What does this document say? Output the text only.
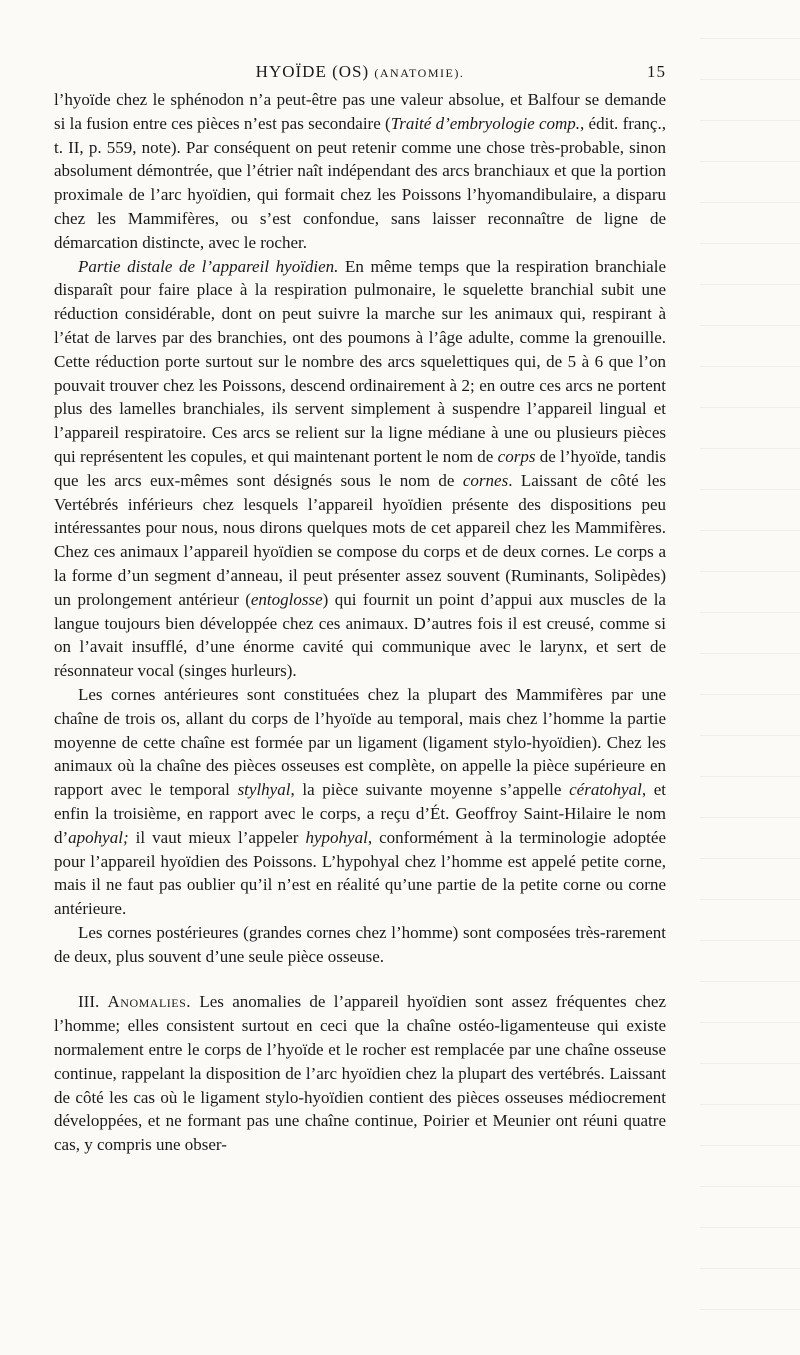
HYOÏDE (OS) (ANATOMIE).	15

l’hyoïde chez le sphénodon n’a peut-être pas une valeur absolue, et Balfour se demande si la fusion entre ces pièces n’est pas secondaire (Traité d’embryologie comp., édit. franç., t. II, p. 559, note). Par conséquent on peut retenir comme une chose très-probable, sinon absolument démontrée, que l’étrier naît indépendant des arcs branchiaux et que la portion proximale de l’arc hyoïdien, qui formait chez les Poissons l’hyomandibulaire, a disparu chez les Mammifères, ou s’est confondue, sans laisser reconnaître de ligne de démarcation distincte, avec le rocher.

Partie distale de l’appareil hyoïdien. En même temps que la respiration branchiale disparaît pour faire place à la respiration pulmonaire, le squelette branchial subit une réduction considérable, dont on peut suivre la marche sur les animaux qui, respirant à l’état de larves par des branchies, ont des poumons à l’âge adulte, comme la grenouille. Cette réduction porte surtout sur le nombre des arcs squelettiques qui, de 5 à 6 que l’on pouvait trouver chez les Poissons, descend ordinairement à 2; en outre ces arcs ne portent plus des lamelles branchiales, ils servent simplement à suspendre l’appareil lingual et l’appareil respiratoire. Ces arcs se relient sur la ligne médiane à une ou plusieurs pièces qui représentent les copules, et qui maintenant portent le nom de corps de l’hyoïde, tandis que les arcs eux-mêmes sont désignés sous le nom de cornes. Laissant de côté les Vertébrés inférieurs chez lesquels l’appareil hyoïdien présente des dispositions peu intéressantes pour nous, nous dirons quelques mots de cet appareil chez les Mammifères. Chez ces animaux l’appareil hyoïdien se compose du corps et de deux cornes. Le corps a la forme d’un segment d’anneau, il peut présenter assez souvent (Ruminants, Solipèdes) un prolongement antérieur (entoglosse) qui fournit un point d’appui aux muscles de la langue toujours bien développée chez ces animaux. D’autres fois il est creusé, comme si on l’avait insufflé, d’une énorme cavité qui communique avec le larynx, et sert de résonnateur vocal (singes hurleurs).

Les cornes antérieures sont constituées chez la plupart des Mammifères par une chaîne de trois os, allant du corps de l’hyoïde au temporal, mais chez l’homme la partie moyenne de cette chaîne est formée par un ligament (ligament stylo-hyoïdien). Chez les animaux où la chaîne des pièces osseuses est complète, on appelle la pièce supérieure en rapport avec le temporal stylhyal, la pièce suivante moyenne s’appelle cératohyal, et enfin la troisième, en rapport avec le corps, a reçu d’Ét. Geoffroy Saint-Hilaire le nom d’apohyal; il vaut mieux l’appeler hypohyal, conformément à la terminologie adoptée pour l’appareil hyoïdien des Poissons. L’hypohyal chez l’homme est appelé petite corne, mais il ne faut pas oublier qu’il n’est en réalité qu’une partie de la petite corne ou corne antérieure.

Les cornes postérieures (grandes cornes chez l’homme) sont composées très-rarement de deux, plus souvent d’une seule pièce osseuse.

III. Anomalies. Les anomalies de l’appareil hyoïdien sont assez fréquentes chez l’homme; elles consistent surtout en ceci que la chaîne ostéo-ligamenteuse qui existe normalement entre le corps de l’hyoïde et le rocher est remplacée par une chaîne osseuse continue, rappelant la disposition de l’arc hyoïdien chez la plupart des vertébrés. Laissant de côté les cas où le ligament stylo-hyoïdien contient des pièces osseuses médiocrement développées, et ne formant pas une chaîne continue, Poirier et Meunier ont réuni quatre cas, y compris une obser-
